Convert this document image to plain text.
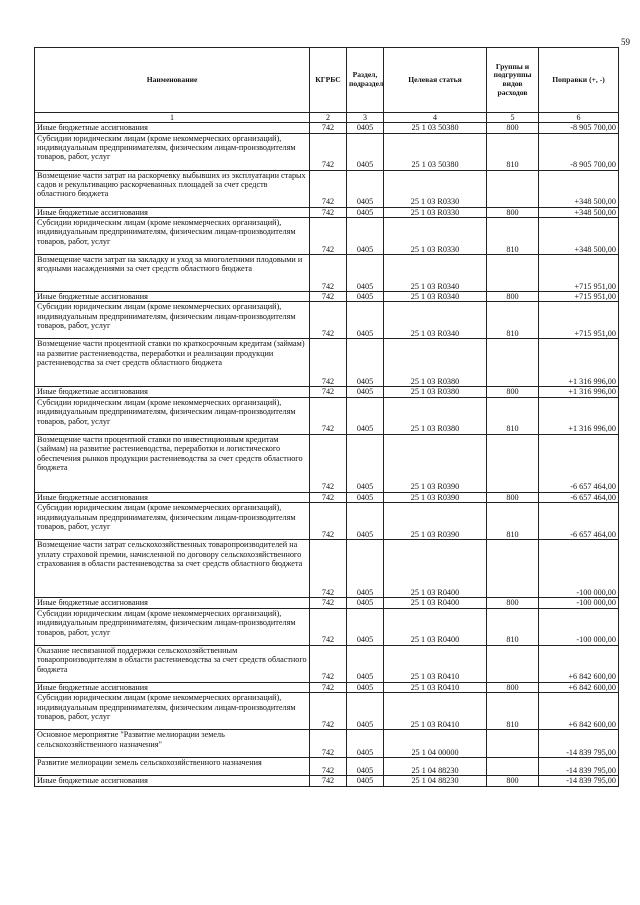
59
Наименование	КГРБС	Раздел, подраздел	Целевая статья	Группы и подгруппы видов расходов	Поправки (+, -)
1	2	3	4	5	6
Иные бюджетные ассигнования	742	0405	25 1 03 50380	800	-8 905 700,00
Субсидии юридическим лицам (кроме некоммерческих организаций), индивидуальным предпринимателям, физическим лицам-производителям товаров, работ, услуг	742	0405	25 1 03 50380	810	-8 905 700,00
Возмещение части затрат на раскорчевку выбывших из эксплуатации старых садов и рекультивацию раскорчеванных площадей за счет средств областного бюджета	742	0405	25 1 03 R0330		+348 500,00
Иные бюджетные ассигнования	742	0405	25 1 03 R0330	800	+348 500,00
Субсидии юридическим лицам (кроме некоммерческих организаций), индивидуальным предпринимателям, физическим лицам-производителям товаров, работ, услуг	742	0405	25 1 03 R0330	810	+348 500,00
Возмещение части затрат на закладку и уход за многолетними плодовыми и ягодными насаждениями за счет средств областного бюджета	742	0405	25 1 03 R0340		+715 951,00
Иные бюджетные ассигнования	742	0405	25 1 03 R0340	800	+715 951,00
Субсидии юридическим лицам (кроме некоммерческих организаций), индивидуальным предпринимателям, физическим лицам-производителям товаров, работ, услуг	742	0405	25 1 03 R0340	810	+715 951,00
Возмещение части процентной ставки по краткосрочным кредитам (займам) на развитие растениеводства, переработки и реализации продукции растениеводства за счет средств областного бюджета	742	0405	25 1 03 R0380		+1 316 996,00
Иные бюджетные ассигнования	742	0405	25 1 03 R0380	800	+1 316 996,00
Субсидии юридическим лицам (кроме некоммерческих организаций), индивидуальным предпринимателям, физическим лицам-производителям товаров, работ, услуг	742	0405	25 1 03 R0380	810	+1 316 996,00
Возмещение части процентной ставки по инвестиционным кредитам (займам) на развитие растениеводства, переработки и логистического обеспечения рынков продукции растениеводства за счет средств областного бюджета	742	0405	25 1 03 R0390		-6 657 464,00
Иные бюджетные ассигнования	742	0405	25 1 03 R0390	800	-6 657 464,00
Субсидии юридическим лицам (кроме некоммерческих организаций), индивидуальным предпринимателям, физическим лицам-производителям товаров, работ, услуг	742	0405	25 1 03 R0390	810	-6 657 464,00
Возмещение части затрат сельскохозяйственных товаропроизводителей на уплату страховой премии, начисленной по договору сельскохозяйственного страхования в области растениеводства за счет средств областного бюджета	742	0405	25 1 03 R0400		-100 000,00
Иные бюджетные ассигнования	742	0405	25 1 03 R0400	800	-100 000,00
Субсидии юридическим лицам (кроме некоммерческих организаций), индивидуальным предпринимателям, физическим лицам-производителям товаров, работ, услуг	742	0405	25 1 03 R0400	810	-100 000,00
Оказание несвязанной поддержки сельскохозяйственным товаропроизводителям в области растениеводства за счет средств областного бюджета	742	0405	25 1 03 R0410		+6 842 600,00
Иные бюджетные ассигнования	742	0405	25 1 03 R0410	800	+6 842 600,00
Субсидии юридическим лицам (кроме некоммерческих организаций), индивидуальным предпринимателям, физическим лицам-производителям товаров, работ, услуг	742	0405	25 1 03 R0410	810	+6 842 600,00
Основное мероприятие "Развитие мелиорации земель сельскохозяйственного назначения"	742	0405	25 1 04 00000		-14 839 795,00
Развитие мелиорации земель сельскохозяйственного назначения	742	0405	25 1 04 88230		-14 839 795,00
Иные бюджетные ассигнования	742	0405	25 1 04 88230	800	-14 839 795,00
